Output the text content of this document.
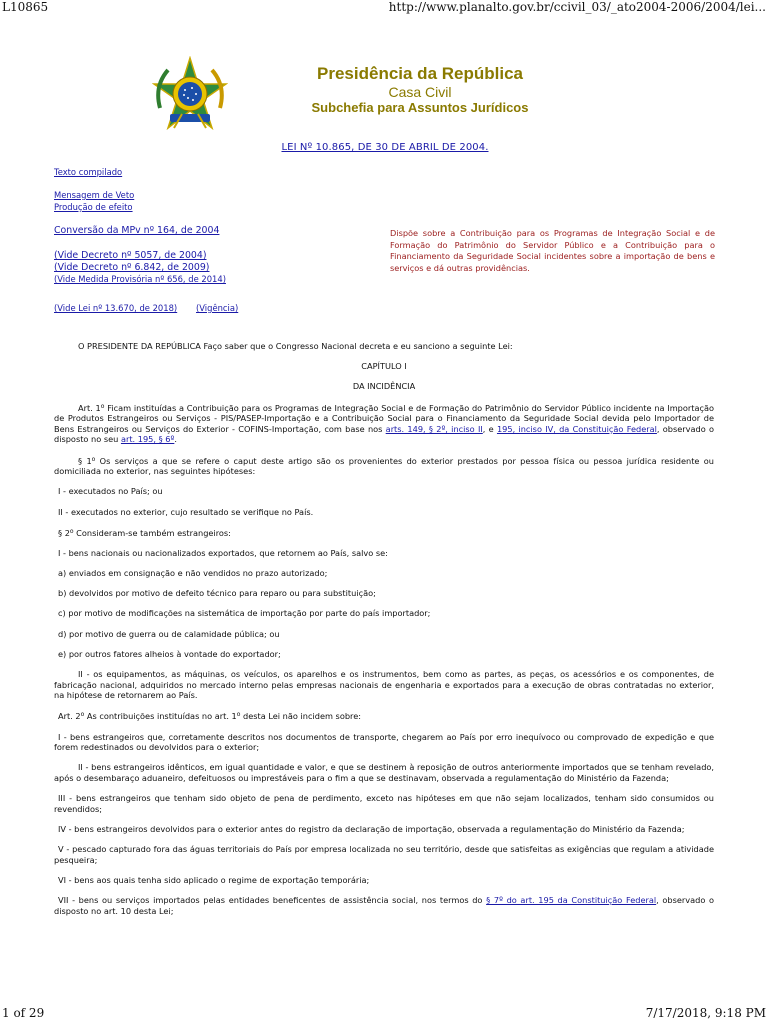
L10865	http://www.planalto.gov.br/ccivil_03/_ato2004-2006/2004/lei...
Presidência da República
Casa Civil
Subchefia para Assuntos Jurídicos
LEI Nº 10.865, DE 30 DE ABRIL DE 2004.
Texto compilado
Mensagem de Veto
Produção de efeito
Conversão da MPv nº 164, de 2004
(Vide Decreto nº 5057, de 2004)
(Vide Decreto nº 6.842, de 2009)
(Vide Medida Provisória nº 656, de 2014)
(Vide Lei nº 13.670, de 2018) (Vigência)
Dispõe sobre a Contribuição para os Programas de Integração Social e de Formação do Patrimônio do Servidor Público e a Contribuição para o Financiamento da Seguridade Social incidentes sobre a importação de bens e serviços e dá outras providências.

O PRESIDENTE DA REPÚBLICA Faço saber que o Congresso Nacional decreta e eu sanciono a seguinte Lei:

CAPÍTULO I

DA INCIDÊNCIA

Art. 1$^o$ Ficam instituídas a Contribuição para os Programas de Integração Social e de Formação do Patrimônio do Servidor Público incidente na Importação de Produtos Estrangeiros ou Serviços - PIS/PASEP-Importação e a Contribuição Social para o Financiamento da Seguridade Social devida pelo Importador de Bens Estrangeiros ou Serviços do Exterior - COFINS-Importação, com base nos arts. 149, § 2º, inciso II, e 195, inciso IV, da Constituição Federal, observado o disposto no seu art. 195, § 6º.

§ 1$^o$ Os serviços a que se refere o caput deste artigo são os provenientes do exterior prestados por pessoa física ou pessoa jurídica residente ou domiciliada no exterior, nas seguintes hipóteses:

I - executados no País; ou

II - executados no exterior, cujo resultado se verifique no País.

§ 2$^o$ Consideram-se também estrangeiros:

I - bens nacionais ou nacionalizados exportados, que retornem ao País, salvo se:

a) enviados em consignação e não vendidos no prazo autorizado;

b) devolvidos por motivo de defeito técnico para reparo ou para substituição;

c) por motivo de modificações na sistemática de importação por parte do país importador;

d) por motivo de guerra ou de calamidade pública; ou

e) por outros fatores alheios à vontade do exportador;

II - os equipamentos, as máquinas, os veículos, os aparelhos e os instrumentos, bem como as partes, as peças, os acessórios e os componentes, de fabricação nacional, adquiridos no mercado interno pelas empresas nacionais de engenharia e exportados para a execução de obras contratadas no exterior, na hipótese de retornarem ao País.

Art. 2$^o$ As contribuições instituídas no art. 1$^o$ desta Lei não incidem sobre:

I - bens estrangeiros que, corretamente descritos nos documentos de transporte, chegarem ao País por erro inequívoco ou comprovado de expedição e que forem redestinados ou devolvidos para o exterior;

II - bens estrangeiros idênticos, em igual quantidade e valor, e que se destinem à reposição de outros anteriormente importados que se tenham revelado, após o desembaraço aduaneiro, defeituosos ou imprestáveis para o fim a que se destinavam, observada a regulamentação do Ministério da Fazenda;

III - bens estrangeiros que tenham sido objeto de pena de perdimento, exceto nas hipóteses em que não sejam localizados, tenham sido consumidos ou revendidos;

IV - bens estrangeiros devolvidos para o exterior antes do registro da declaração de importação, observada a regulamentação do Ministério da Fazenda;

V - pescado capturado fora das águas territoriais do País por empresa localizada no seu território, desde que satisfeitas as exigências que regulam a atividade pesqueira;

VI - bens aos quais tenha sido aplicado o regime de exportação temporária;

VII - bens ou serviços importados pelas entidades beneficentes de assistência social, nos termos do § 7º do art. 195 da Constituição Federal, observado o disposto no art. 10 desta Lei;

1 of 29	7/17/2018, 9:18 PM
